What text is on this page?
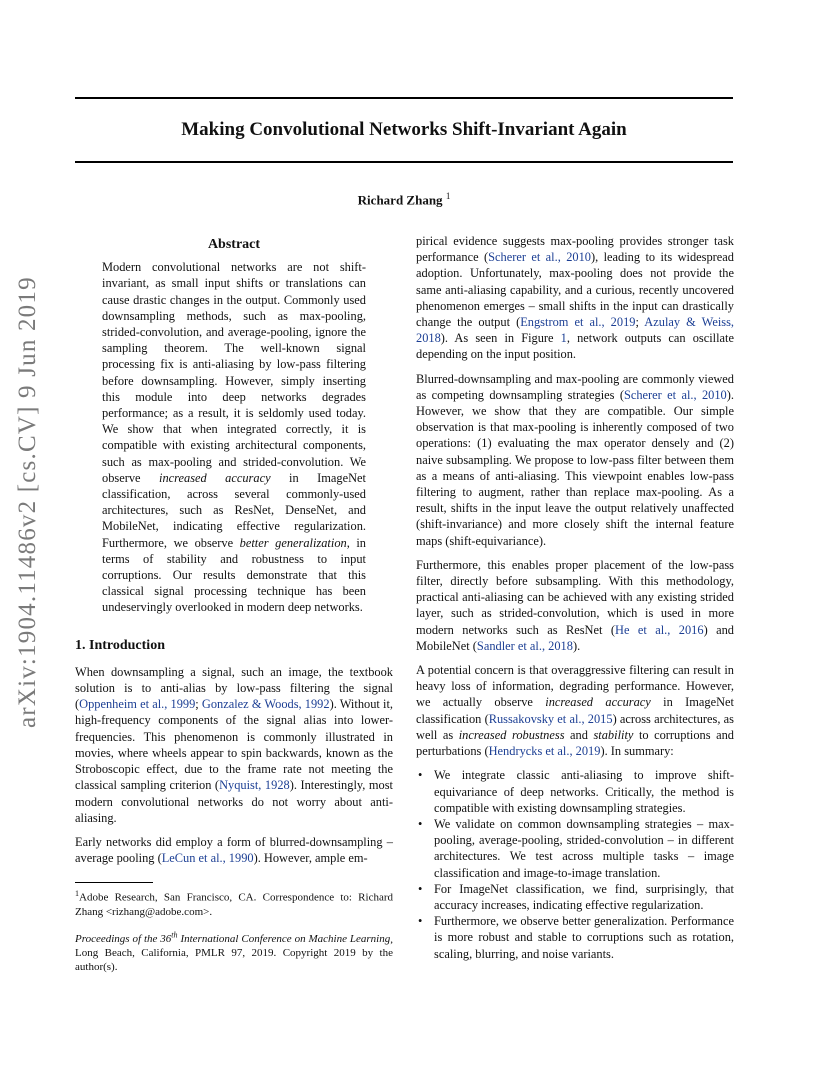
arXiv:1904.11486v2 [cs.CV] 9 Jun 2019
Making Convolutional Networks Shift-Invariant Again
Richard Zhang $^1$
Abstract

Modern convolutional networks are not shift-invariant, as small input shifts or translations can cause drastic changes in the output. Commonly used downsampling methods, such as max-pooling, strided-convolution, and average-pooling, ignore the sampling theorem. The well-known signal processing fix is anti-aliasing by low-pass filtering before downsampling. However, simply inserting this module into deep networks degrades performance; as a result, it is seldomly used today. We show that when integrated correctly, it is compatible with existing architectural components, such as max-pooling and strided-convolution. We observe increased accuracy in ImageNet classification, across several commonly-used architectures, such as ResNet, DenseNet, and MobileNet, indicating effective regularization. Furthermore, we observe better generalization, in terms of stability and robustness to input corruptions. Our results demonstrate that this classical signal processing technique has been undeservingly overlooked in modern deep networks.

1. Introduction

When downsampling a signal, such an image, the textbook solution is to anti-alias by low-pass filtering the signal (Oppenheim et al., 1999; Gonzalez & Woods, 1992). Without it, high-frequency components of the signal alias into lower-frequencies. This phenomenon is commonly illustrated in movies, where wheels appear to spin backwards, known as the Stroboscopic effect, due to the frame rate not meeting the classical sampling criterion (Nyquist, 1928). Interestingly, most modern convolutional networks do not worry about anti-aliasing.

Early networks did employ a form of blurred-downsampling – average pooling (LeCun et al., 1990). However, ample em-

$^1$Adobe Research, San Francisco, CA. Correspondence to: Richard Zhang <rizhang@adobe.com>.

Proceedings of the 36th International Conference on Machine Learning, Long Beach, California, PMLR 97, 2019. Copyright 2019 by the author(s).

pirical evidence suggests max-pooling provides stronger task performance (Scherer et al., 2010), leading to its widespread adoption. Unfortunately, max-pooling does not provide the same anti-aliasing capability, and a curious, recently uncovered phenomenon emerges – small shifts in the input can drastically change the output (Engstrom et al., 2019; Azulay & Weiss, 2018). As seen in Figure 1, network outputs can oscillate depending on the input position.

Blurred-downsampling and max-pooling are commonly viewed as competing downsampling strategies (Scherer et al., 2010). However, we show that they are compatible. Our simple observation is that max-pooling is inherently composed of two operations: (1) evaluating the max operator densely and (2) naive subsampling. We propose to low-pass filter between them as a means of anti-aliasing. This viewpoint enables low-pass filtering to augment, rather than replace max-pooling. As a result, shifts in the input leave the output relatively unaffected (shift-invariance) and more closely shift the internal feature maps (shift-equivariance).

Furthermore, this enables proper placement of the low-pass filter, directly before subsampling. With this methodology, practical anti-aliasing can be achieved with any existing strided layer, such as strided-convolution, which is used in more modern networks such as ResNet (He et al., 2016) and MobileNet (Sandler et al., 2018).

A potential concern is that overaggressive filtering can result in heavy loss of information, degrading performance. However, we actually observe increased accuracy in ImageNet classification (Russakovsky et al., 2015) across architectures, as well as increased robustness and stability to corruptions and perturbations (Hendrycks et al., 2019). In summary:

• We integrate classic anti-aliasing to improve shift-equivariance of deep networks. Critically, the method is compatible with existing downsampling strategies.
• We validate on common downsampling strategies – max-pooling, average-pooling, strided-convolution – in different architectures. We test across multiple tasks – image classification and image-to-image translation.
• For ImageNet classification, we find, surprisingly, that accuracy increases, indicating effective regularization.
• Furthermore, we observe better generalization. Performance is more robust and stable to corruptions such as rotation, scaling, blurring, and noise variants.
